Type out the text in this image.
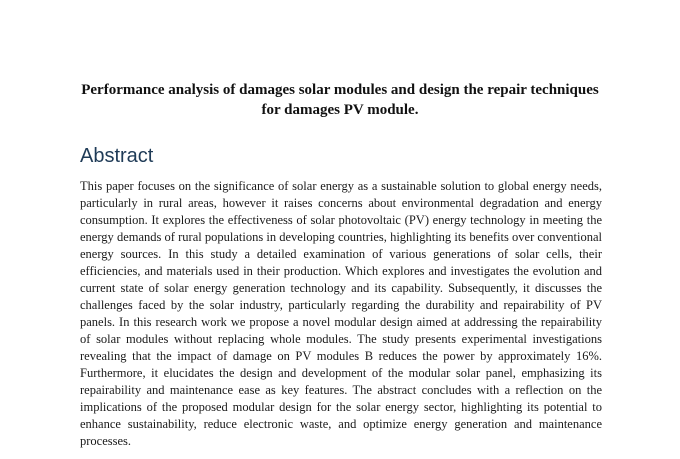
Performance analysis of damages solar modules and design the repair techniques for damages PV module.
Abstract

This paper focuses on the significance of solar energy as a sustainable solution to global energy needs, particularly in rural areas, however it raises concerns about environmental degradation and energy consumption. It explores the effectiveness of solar photovoltaic (PV) energy technology in meeting the energy demands of rural populations in developing countries, highlighting its benefits over conventional energy sources. In this study a detailed examination of various generations of solar cells, their efficiencies, and materials used in their production. Which explores and investigates the evolution and current state of solar energy generation technology and its capability. Subsequently, it discusses the challenges faced by the solar industry, particularly regarding the durability and repairability of PV panels. In this research work we propose a novel modular design aimed at addressing the repairability of solar modules without replacing whole modules. The study presents experimental investigations revealing that the impact of damage on PV modules B reduces the power by approximately 16%. Furthermore, it elucidates the design and development of the modular solar panel, emphasizing its repairability and maintenance ease as key features. The abstract concludes with a reflection on the implications of the proposed modular design for the solar energy sector, highlighting its potential to enhance sustainability, reduce electronic waste, and optimize energy generation and maintenance processes.
